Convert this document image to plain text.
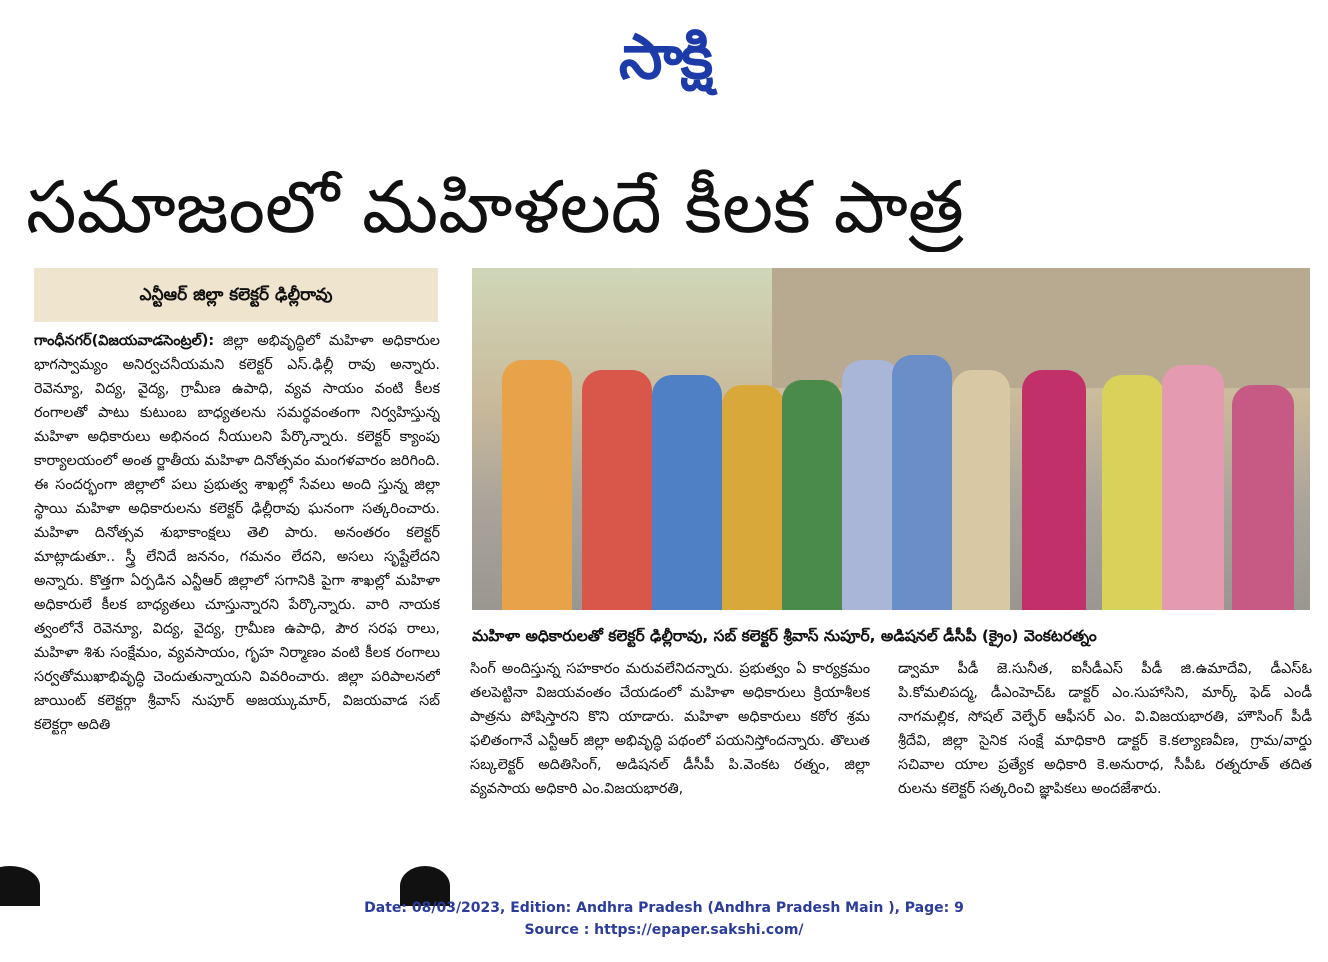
సాక్షి
సమాజంలో మహిళలదే కీలక పాత్ర
ఎన్టీఆర్ జిల్లా కలెక్టర్ ఢిల్లీరావు

గాంధీనగర్(విజయవాడసెంట్రల్): జిల్లా అభివృద్ధిలో మహిళా అధికారుల భాగస్వామ్యం అనిర్వచనీయమని కలెక్టర్ ఎస్.ఢిల్లీ రావు అన్నారు. రెవెన్యూ, విద్య, వైద్య, గ్రామీణ ఉపాధి, వ్యవ సాయం వంటి కీలక రంగాలతో పాటు కుటుంబ బాధ్యతలను సమర్థవంతంగా నిర్వహిస్తున్న మహిళా అధికారులు అభినంద నీయులని పేర్కొన్నారు. కలెక్టర్ క్యాంపు కార్యాలయంలో అంత ర్జాతీయ మహిళా దినోత్సవం మంగళవారం జరిగింది. ఈ సందర్భంగా జిల్లాలో పలు ప్రభుత్వ శాఖల్లో సేవలు అంది స్తున్న జిల్లా స్థాయి మహిళా అధికారులను కలెక్టర్ ఢిల్లీరావు ఘనంగా సత్కరించారు. మహిళా దినోత్సవ శుభాకాంక్షలు తెలి పారు. అనంతరం కలెక్టర్ మాట్లాడుతూ.. స్త్రీ లేనిదే జననం, గమనం లేదని, అసలు సృష్టేలేదని అన్నారు. కొత్తగా ఏర్పడిన ఎన్టీఆర్ జిల్లాలో సగానికి పైగా శాఖల్లో మహిళా అధికారులే కీలక బాధ్యతలు చూస్తున్నారని పేర్కొన్నారు. వారి నాయక త్వంలోనే రెవెన్యూ, విద్య, వైద్య, గ్రామీణ ఉపాధి, పౌర సరఫ రాలు, మహిళా శిశు సంక్షేమం, వ్యవసాయం, గృహ నిర్మాణం వంటి కీలక రంగాలు సర్వతోముఖాభివృద్ధి చెందుతున్నాయని వివరించారు. జిల్లా పరిపాలనలో జాయింట్ కలెక్టర్గా శ్రీవాస్ నుపూర్ అజయ్కుమార్, విజయవాడ సబ్ కలెక్టర్గా అదితి

మహిళా అధికారులతో కలెక్టర్ ఢిల్లీరావు, సబ్ కలెక్టర్ శ్రీవాస్ నుపూర్, అడిషనల్ డీసీపీ (క్రైం) వెంకటరత్నం

సింగ్ అందిస్తున్న సహకారం మరువలేనిదన్నారు. ప్రభుత్వం ఏ కార్యక్రమం తలపెట్టినా విజయవంతం చేయడంలో మహిళా అధికారులు క్రియాశీలక పాత్రను పోషిస్తారని కొని యాడారు. మహిళా అధికారులు కఠోర శ్రమ ఫలితంగానే ఎన్టీఆర్ జిల్లా అభివృద్ధి పథంలో పయనిస్తోందన్నారు. తొలుత సబ్కలెక్టర్ అదితిసింగ్, అడిషనల్ డీసీపీ పి.వెంకట రత్నం, జిల్లా వ్యవసాయ అధికారి ఎం.విజయభారతి,

డ్వామా పీడీ జె.సునీత, ఐసీడీఎస్ పీడీ జి.ఉమాదేవి, డీఎస్ఓ పి.కోమలిపద్మ, డీఎంహెచ్ఓ డాక్టర్ ఎం.సుహాసిని, మార్క్ ఫెడ్ ఎండీ నాగమల్లిక, సోషల్ వెల్ఫేర్ ఆఫీసర్ ఎం. వి.విజయభారతి, హౌసింగ్ పీడీ శ్రీదేవి, జిల్లా సైనిక సంక్షే మాధికారి డాక్టర్ కె.కల్యాణవీణ, గ్రామ/వార్డు సచివాల యాల ప్రత్యేక అధికారి కె.అనురాధ, సీపీఓ రత్నరూత్ తదిత రులను కలెక్టర్ సత్కరించి జ్ఞాపికలు అందజేశారు.

Date: 08/03/2023, Edition: Andhra Pradesh (Andhra Pradesh Main ), Page: 9
Source : https://epaper.sakshi.com/
